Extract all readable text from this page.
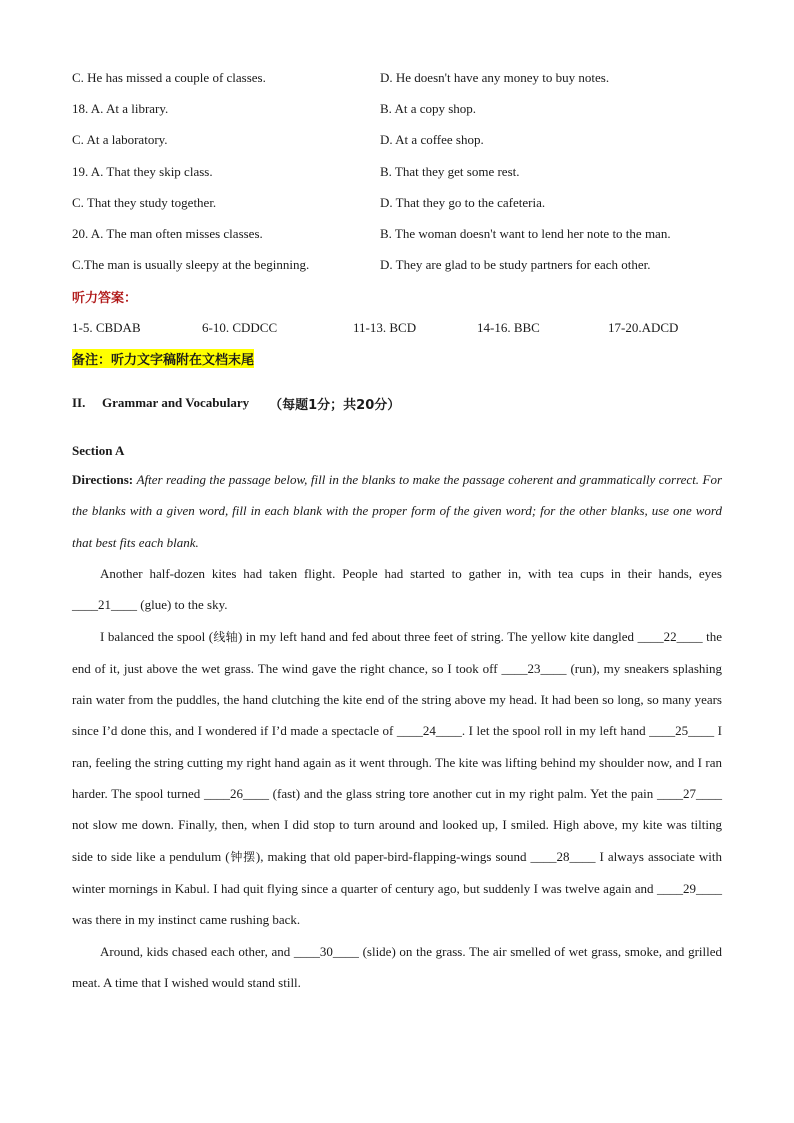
C. He has missed a couple of classes.	D. He doesn't have any money to buy notes.
18. A. At a library.	B. At a copy shop.
C. At a laboratory.	D. At a coffee shop.
19. A. That they skip class.	B. That they get some rest.
C. That they study together.	D. That they go to the cafeteria.
20. A. The man often misses classes.	B. The woman doesn't want to lend her note to the man.
C.The man is usually sleepy at the beginning.	D. They are glad to be study partners for each other.
听力答案：
1-5. CBDAB	6-10. CDDCC	11-13. BCD	14-16. BBC	17-20.ADCD
备注：听力文字稿附在文档末尾
II.	Grammar and Vocabulary （每题1分；共20分）
Section A

Directions: After reading the passage below, fill in the blanks to make the passage coherent and grammatically correct. For the blanks with a given word, fill in each blank with the proper form of the given word; for the other blanks, use one word that best fits each blank.

Another half-dozen kites had taken flight. People had started to gather in, with tea cups in their hands, eyes ____21____ (glue) to the sky.

I balanced the spool (线轴) in my left hand and fed about three feet of string. The yellow kite dangled ____22____ the end of it, just above the wet grass. The wind gave the right chance, so I took off ____23____ (run), my sneakers splashing rain water from the puddles, the hand clutching the kite end of the string above my head. It had been so long, so many years since I’d done this, and I wondered if I’d made a spectacle of ____24____. I let the spool roll in my left hand ____25____ I ran, feeling the string cutting my right hand again as it went through. The kite was lifting behind my shoulder now, and I ran harder. The spool turned ____26____ (fast) and the glass string tore another cut in my right palm. Yet the pain ____27____ not slow me down. Finally, then, when I did stop to turn around and looked up, I smiled. High above, my kite was tilting side to side like a pendulum (钟摆), making that old paper-bird-flapping-wings sound ____28____ I always associate with winter mornings in Kabul. I had quit flying since a quarter of century ago, but suddenly I was twelve again and ____29____ was there in my instinct came rushing back.

Around, kids chased each other, and ____30____ (slide) on the grass. The air smelled of wet grass, smoke, and grilled meat. A time that I wished would stand still.
